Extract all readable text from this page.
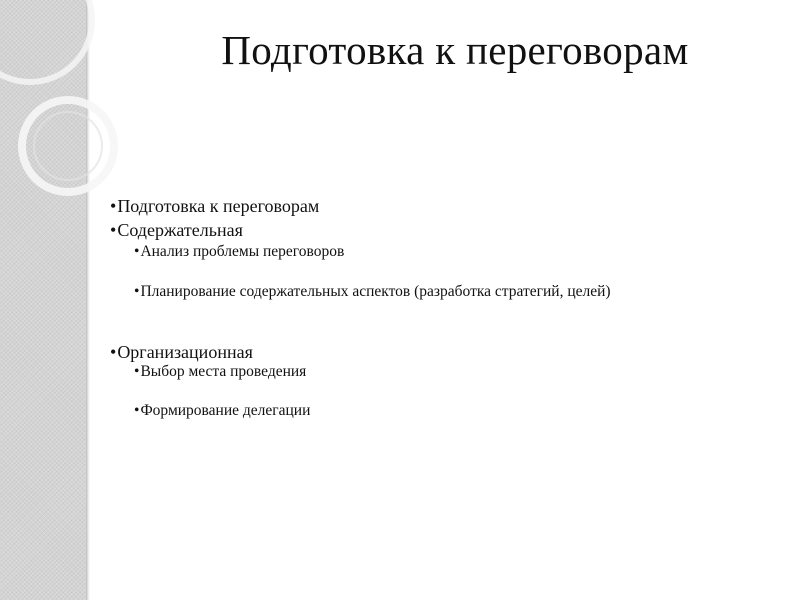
Подготовка к переговорам
•Подготовка к переговорам
•Содержательная
•Анализ проблемы переговоров
•Планирование содержательных аспектов (разработка стратегий, целей)
•Организационная
•Выбор места проведения
•Формирование делегации
